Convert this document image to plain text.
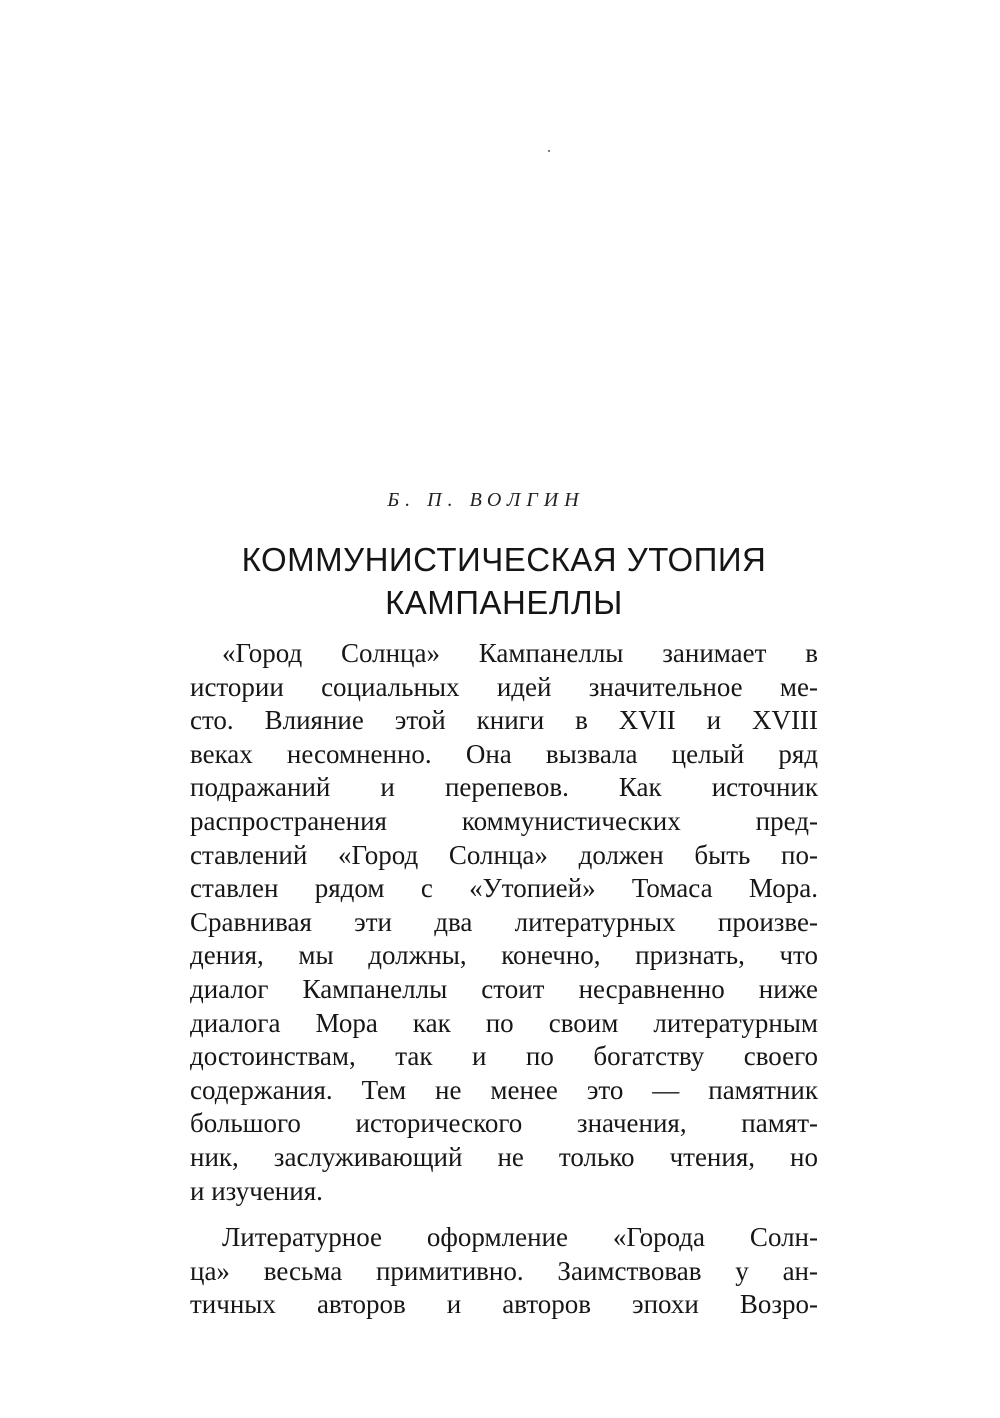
Б. П. ВОЛГИН
КОММУНИСТИЧЕСКАЯ УТОПИЯ
КАМПАНЕЛЛЫ
«Город Солнца» Кампанеллы занимает в
истории социальных идей значительное ме-
сто. Влияние этой книги в XVII и XVIII
веках несомненно. Она вызвала целый ряд
подражаний и перепевов. Как источник
распространения коммунистических пред-
ставлений «Город Солнца» должен быть по-
ставлен рядом с «Утопией» Томаса Мора.
Сравнивая эти два литературных произве-
дения, мы должны, конечно, признать, что
диалог Кампанеллы стоит несравненно ниже
диалога Мора как по своим литературным
достоинствам, так и по богатству своего
содержания. Тем не менее это — памятник
большого исторического значения, памят-
ник, заслуживающий не только чтения, но
и изучения.
Литературное оформление «Города Солн-
ца» весьма примитивно. Заимствовав у ан-
тичных авторов и авторов эпохи Возро-
